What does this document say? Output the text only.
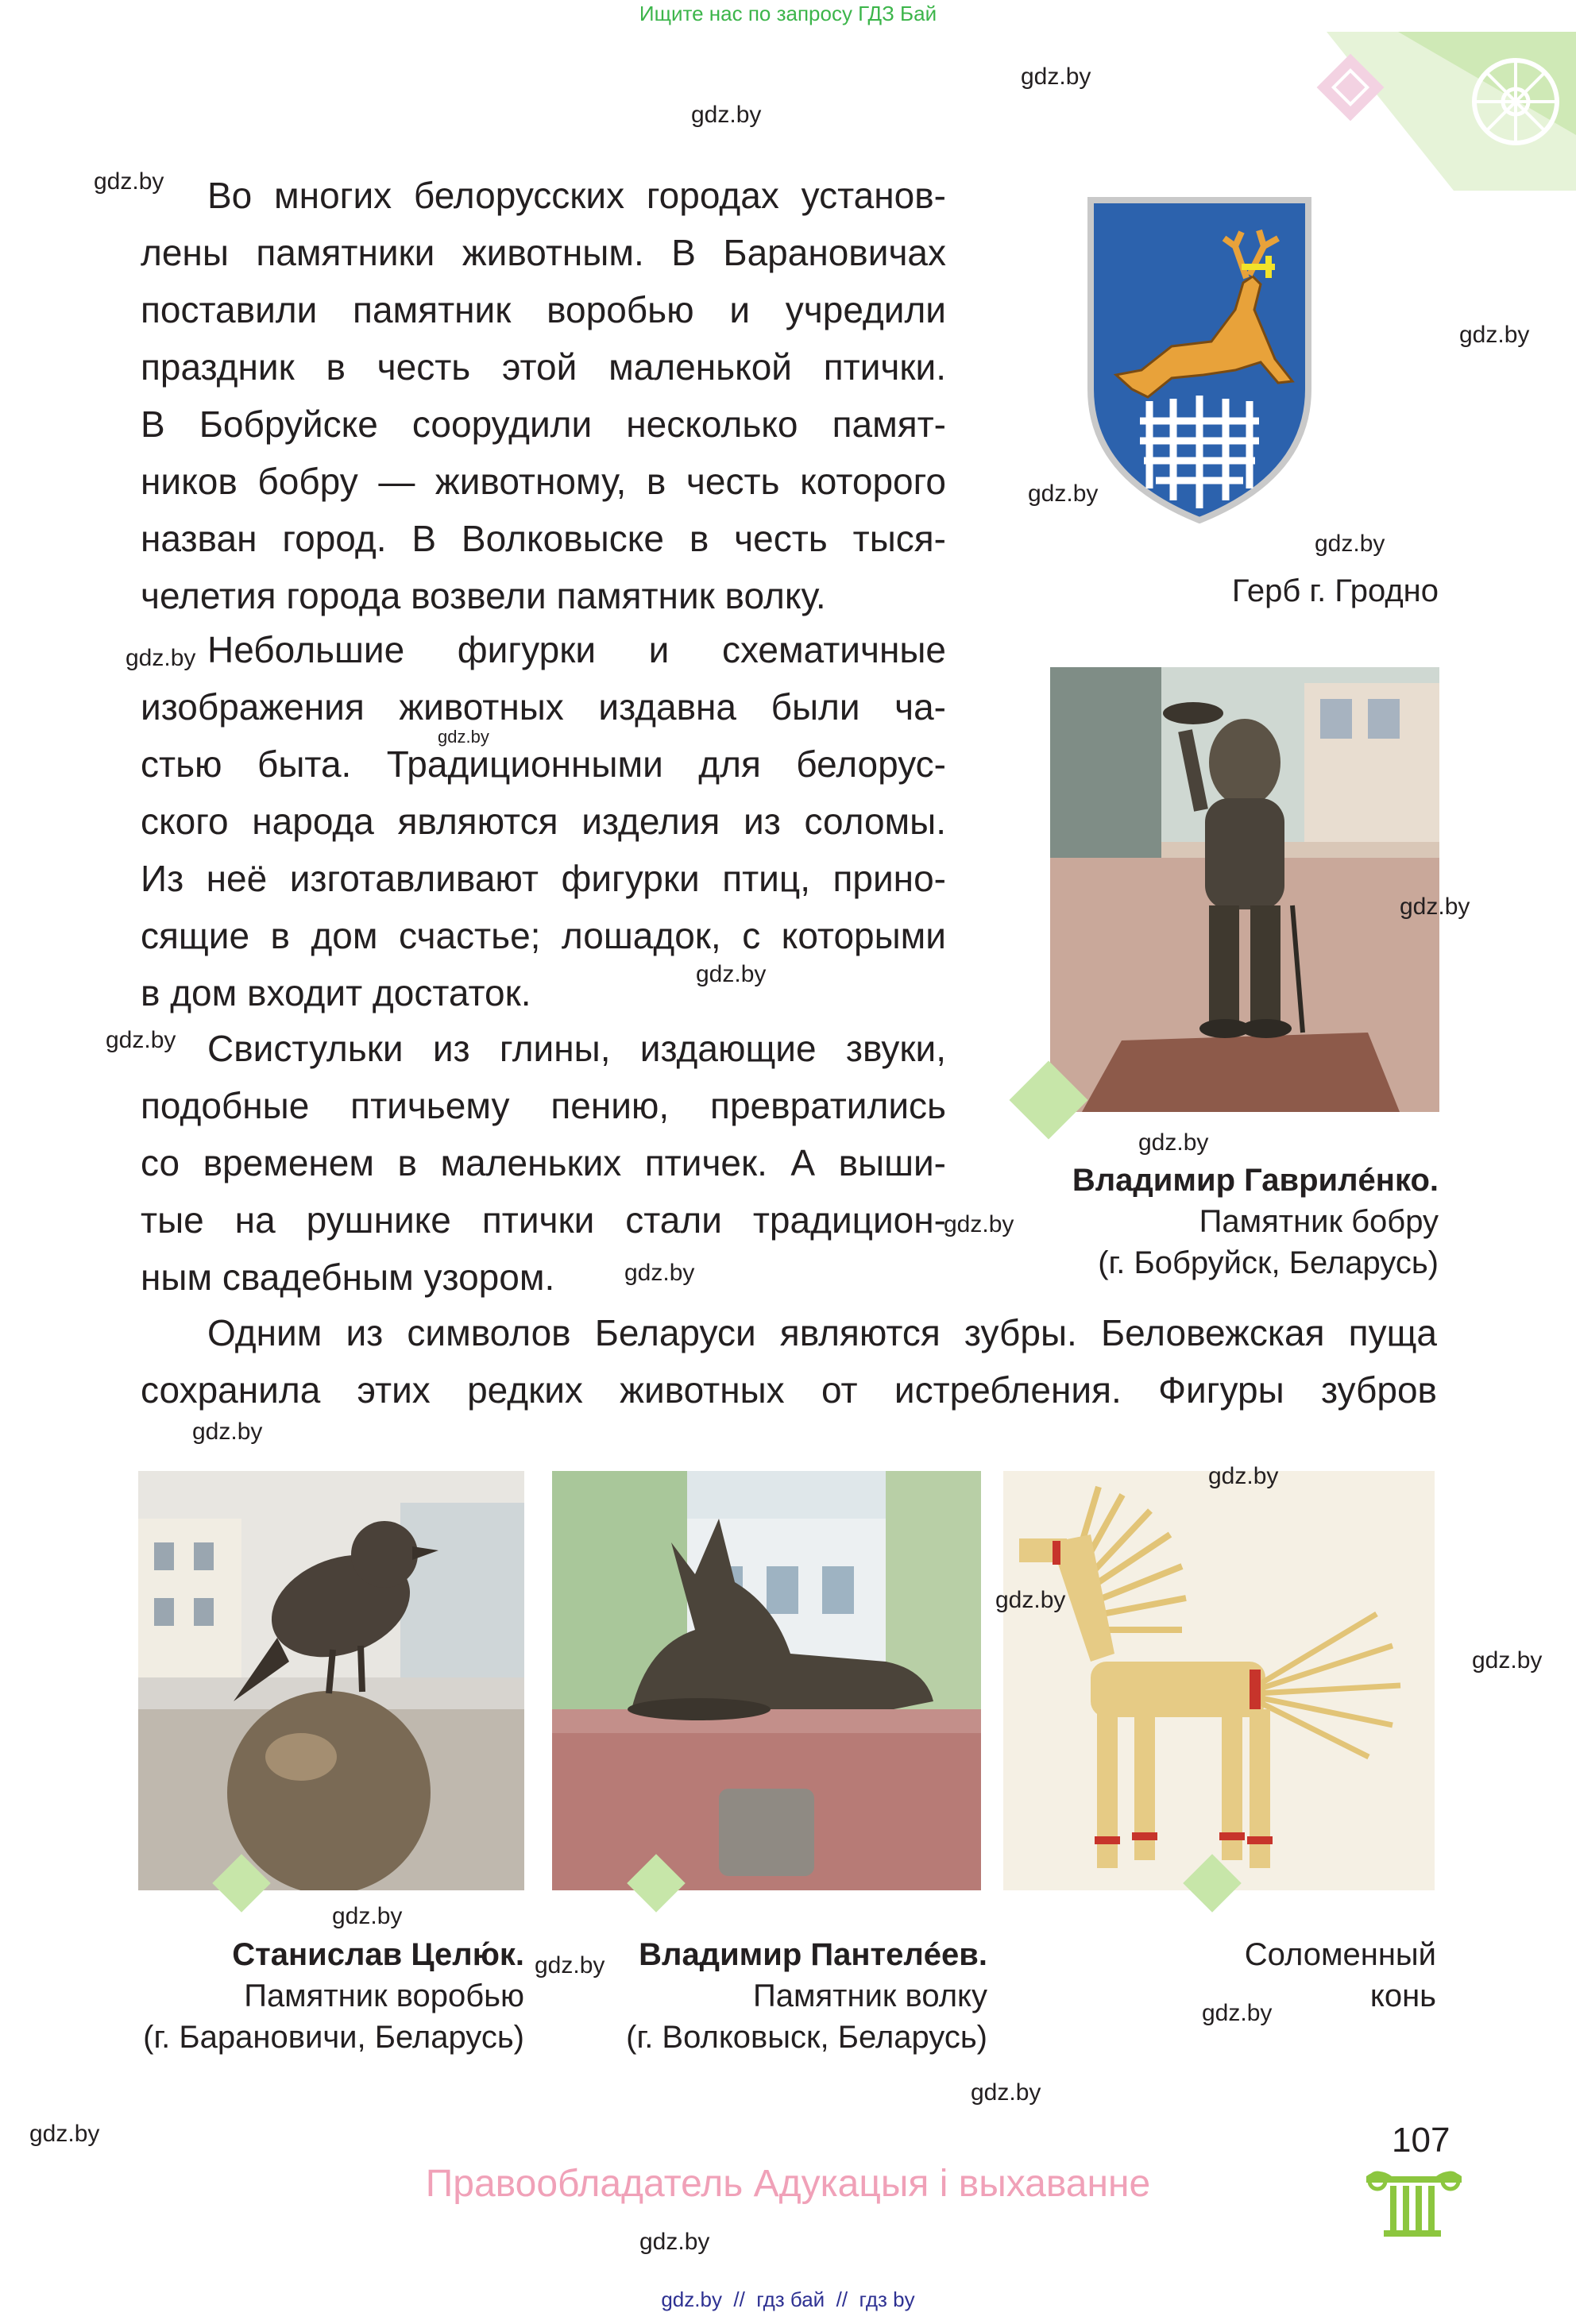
Ищите нас по запросу ГДЗ Бай
Во многих белорусских городах установ-
лены памятники животным. В Барановичах
поставили памятник воробью и учредили
праздник в честь этой маленькой птички.
В Бобруйске соорудили несколько памят-
ников бобру — животному, в честь которого
назван город. В Волковыске в честь тыся-
челетия города возвели памятник волку.
Небольшие фигурки и схематичные
изображения животных издавна были ча-
стью быта. Традиционными для белорус-
ского народа являются изделия из соломы.
Из неё изготавливают фигурки птиц, прино-
сящие в дом счастье; лошадок, с которыми
в дом входит достаток.
Свистульки из глины, издающие звуки,
подобные птичьему пению, превратились
со временем в маленьких птичек. А выши-
тые на рушнике птички стали традицион-
ным свадебным узором.
Одним из символов Беларуси являются зубры. Беловежская пуща
сохранила этих редких животных от истребления. Фигуры зубров
Герб г. Гродно
Владимир Гаврилéнко.
Памятник бобру
(г. Бобруйск, Беларусь)
Станислав Целю́к.
Памятник воробью
(г. Барановичи, Беларусь)
Владимир Пантелéев.
Памятник волку
(г. Волковыск, Беларусь)
Соломенный
конь
gdz.by
gdz.by
gdz.by
gdz.by
gdz.by
gdz.by
gdz.by
gdz.by
gdz.by
gdz.by
gdz.by
gdz.by
gdz.by
gdz.by
gdz.by
gdz.by
gdz.by
gdz.by
gdz.by
gdz.by
gdz.by
gdz.by
gdz.by
gdz.by
107
Правообладатель Адукацыя і выхаванне
gdz.by  //  гдз бай  //  гдз by
